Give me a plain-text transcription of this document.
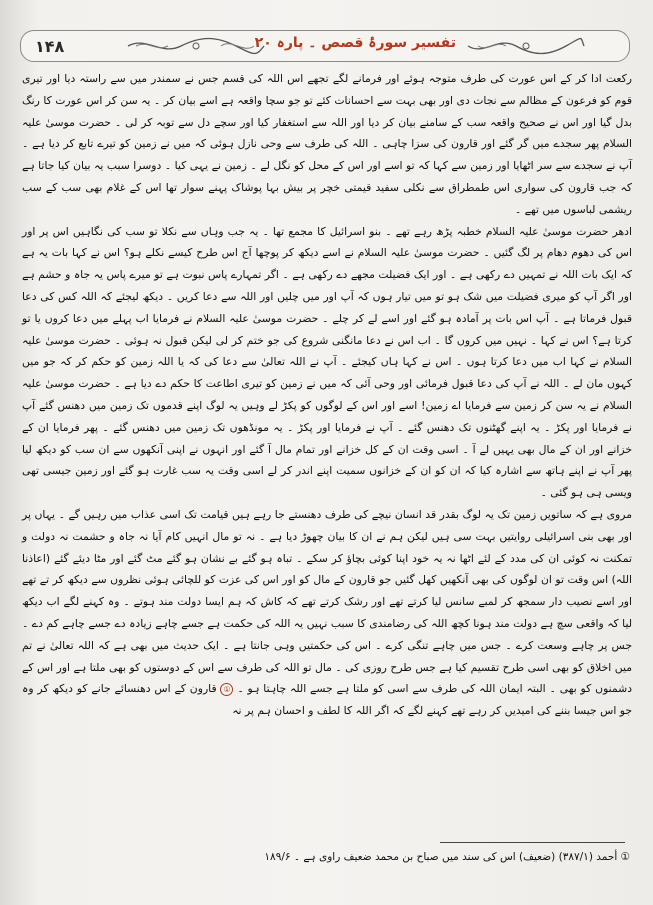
۱۴۸	تفسیر سورۂ قصص ۔ پارہ ۲۰

رکعت ادا کر کے اس عورت کی طرف متوجہ ہوئے اور فرمانے لگے تجھے اس اللہ کی قسم جس نے سمندر میں سے راستہ دیا اور تیری قوم کو فرعون کے مظالم سے نجات دی اور بھی بہت سے احسانات کئے تو جو سچا واقعہ ہے اسے بیان کر ۔ یہ سن کر اس عورت کا رنگ بدل گیا اور اس نے صحیح واقعہ سب کے سامنے بیان کر دیا اور اللہ سے استغفار کیا اور سچے دل سے توبہ کر لی ۔ حضرت موسیٰ علیہ السلام پھر سجدے میں گر گئے اور قارون کی سزا چاہی ۔ اللہ کی طرف سے وحی نازل ہوئی کہ میں نے زمین کو تیرے تابع کر دیا ہے ۔ آپ نے سجدے سے سر اٹھایا اور زمین سے کہا کہ تو اسے اور اس کے محل کو نگل لے ۔ زمین نے یہی کیا ۔ دوسرا سبب یہ بیان کیا جاتا ہے کہ جب قارون کی سواری اس طمطراق سے نکلی سفید قیمتی خچر پر بیش بہا پوشاک پہنے سوار تھا اس کے غلام بھی سب کے سب ریشمی لباسوں میں تھے ۔

ادھر حضرت موسیٰ علیہ السلام خطبہ پڑھ رہے تھے ۔ بنو اسرائیل کا مجمع تھا ۔ یہ جب وہاں سے نکلا تو سب کی نگاہیں اس پر اور اس کی دھوم دھام پر لگ گئیں ۔ حضرت موسیٰ علیہ السلام نے اسے دیکھ کر پوچھا آج اس طرح کیسے نکلے ہو؟ اس نے کہا بات یہ ہے کہ ایک بات اللہ نے تمہیں دے رکھی ہے ۔ اور ایک فضیلت مجھے دے رکھی ہے ۔ اگر تمہارے پاس نبوت ہے تو میرے پاس یہ جاہ و حشم ہے اور اگر آپ کو میری فضیلت میں شک ہو تو میں تیار ہوں کہ آپ اور میں چلیں اور اللہ سے دعا کریں ۔ دیکھ لیجئے کہ اللہ کس کی دعا قبول فرماتا ہے ۔ آپ اس بات پر آمادہ ہو گئے اور اسے لے کر چلے ۔ حضرت موسیٰ علیہ السلام نے فرمایا اب پہلے میں دعا کروں یا تو کرتا ہے؟ اس نے کہا ۔ نہیں میں کروں گا ۔ اب اس نے دعا مانگنی شروع کی جو ختم کر لی لیکن قبول نہ ہوئی ۔ حضرت موسیٰ علیہ السلام نے کہا اب میں دعا کرتا ہوں ۔ اس نے کہا ہاں کیجئے ۔ آپ نے اللہ تعالیٰ سے دعا کی کہ یا اللہ زمین کو حکم کر کہ جو میں کہوں مان لے ۔ اللہ نے آپ کی دعا قبول فرمائی اور وحی آئی کہ میں نے زمین کو تیری اطاعت کا حکم دے دیا ہے ۔ حضرت موسیٰ علیہ السلام نے یہ سن کر زمین سے فرمایا اے زمین! اسے اور اس کے لوگوں کو پکڑ لے وہیں یہ لوگ اپنے قدموں تک زمین میں دھنس گئے آپ نے فرمایا اور پکڑ ۔ یہ اپنے گھٹنوں تک دھنس گئے ۔ آپ نے فرمایا اور پکڑ ۔ یہ مونڈھوں تک زمین میں دھنس گئے ۔ پھر فرمایا ان کے خزانے اور ان کے مال بھی یہیں لے آ ۔ اسی وقت ان کے کل خزانے اور تمام مال آ گئے اور انہوں نے اپنی آنکھوں سے ان سب کو دیکھ لیا پھر آپ نے اپنے ہاتھ سے اشارہ کیا کہ ان کو ان کے خزانوں سمیت اپنے اندر کر لے اسی وقت یہ سب غارت ہو گئے اور زمین جیسی تھی ویسی ہی ہو گئی ۔

مروی ہے کہ ساتویں زمین تک یہ لوگ بقدر قد انسان نیچے کی طرف دھنستے جا رہے ہیں قیامت تک اسی عذاب میں رہیں گے ۔ یہاں پر اور بھی بنی اسرائیلی روایتیں بہت سی ہیں لیکن ہم نے ان کا بیان چھوڑ دیا ہے ۔ نہ تو مال انہیں کام آیا نہ جاہ و حشمت نہ دولت و تمکنت نہ کوئی ان کی مدد کے لئے اٹھا نہ یہ خود اپنا کوئی بچاؤ کر سکے ۔ تباہ ہو گئے بے نشان ہو گئے مٹ گئے اور مٹا دیئے گئے (اعاذنا اللہ) اس وقت تو ان لوگوں کی بھی آنکھیں کھل گئیں جو قارون کے مال کو اور اس کی عزت کو للچائی ہوئی نظروں سے دیکھ کر تے تھے اور اسے نصیب دار سمجھ کر لمبے سانس لیا کرتے تھے اور رشک کرتے تھے کہ کاش کہ ہم ایسا دولت مند ہوتے ۔ وہ کہنے لگے اب دیکھ لیا کہ واقعی سچ ہے دولت مند ہونا کچھ اللہ کی رضامندی کا سبب نہیں یہ اللہ کی حکمت ہے جسے چاہے زیادہ دے جسے چاہے کم دے ۔ جس پر چاہے وسعت کرے ۔ جس میں چاہے تنگی کرے ۔ اس کی حکمتیں وہی جانتا ہے ۔ ایک حدیث میں بھی ہے کہ اللہ تعالیٰ نے تم میں اخلاق کو بھی اسی طرح تقسیم کیا ہے جس طرح روزی کی ۔ مال تو اللہ کی طرف سے اس کے دوستوں کو بھی ملتا ہے اور اس کے دشمنوں کو بھی ۔ البتہ ایمان اللہ کی طرف سے اسی کو ملتا ہے جسے اللہ چاہتا ہو ۔ ① قارون کے اس دھنسائے جانے کو دیکھ کر وہ جو اس جیسا بننے کی امیدیں کر رہے تھے کہنے لگے کہ اگر اللہ کا لطف و احسان ہم پر نہ

① أحمد (۳۸۷/۱) (ضعیف) اس کی سند میں صباح بن محمد ضعیف راوی ہے ۔ ۱۸۹/۶
